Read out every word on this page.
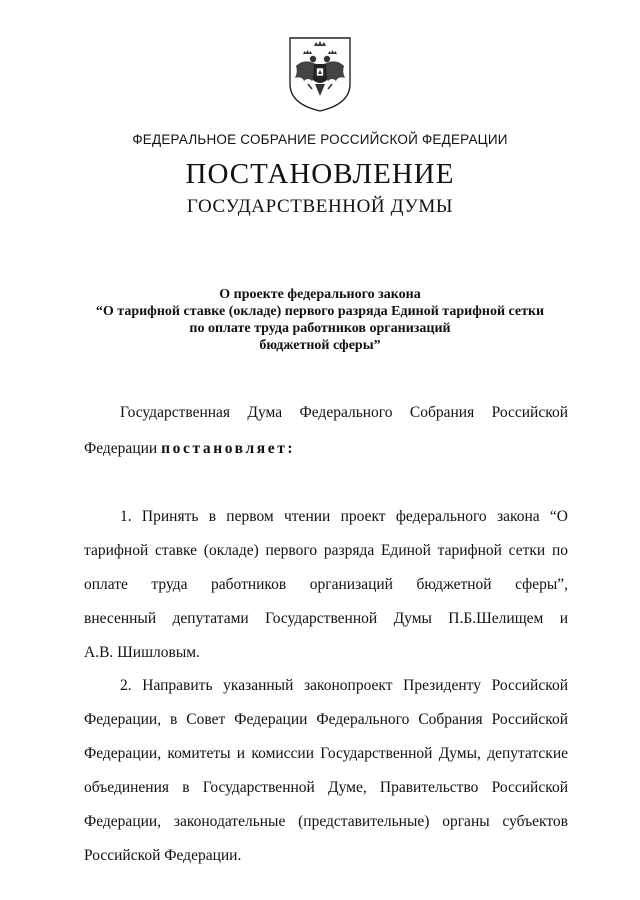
ФЕДЕРАЛЬНОЕ СОБРАНИЕ РОССИЙСКОЙ ФЕДЕРАЦИИ
ПОСТАНОВЛЕНИЕ
ГОСУДАРСТВЕННОЙ ДУМЫ
О проекте федерального закона
“О тарифной ставке (окладе) первого разряда Единой тарифной сетки
по оплате труда работников организаций
бюджетной сферы”
Государственная Дума Федерального Собрания Российской
Федерации постановляет:
1. Принять в первом чтении проект федерального закона “О
тарифной ставке (окладе) первого разряда Единой тарифной сетки по
оплате труда работников организаций бюджетной сферы”,
внесенный депутатами Государственной Думы П.Б.Шелищем и
А.В. Шишловым.
2. Направить указанный законопроект Президенту Российской
Федерации, в Совет Федерации Федерального Собрания Российской
Федерации, комитеты и комиссии Государственной Думы, депутатские
объединения в Государственной Думе, Правительство Российской
Федерации, законодательные (представительные) органы субъектов
Российской Федерации.
